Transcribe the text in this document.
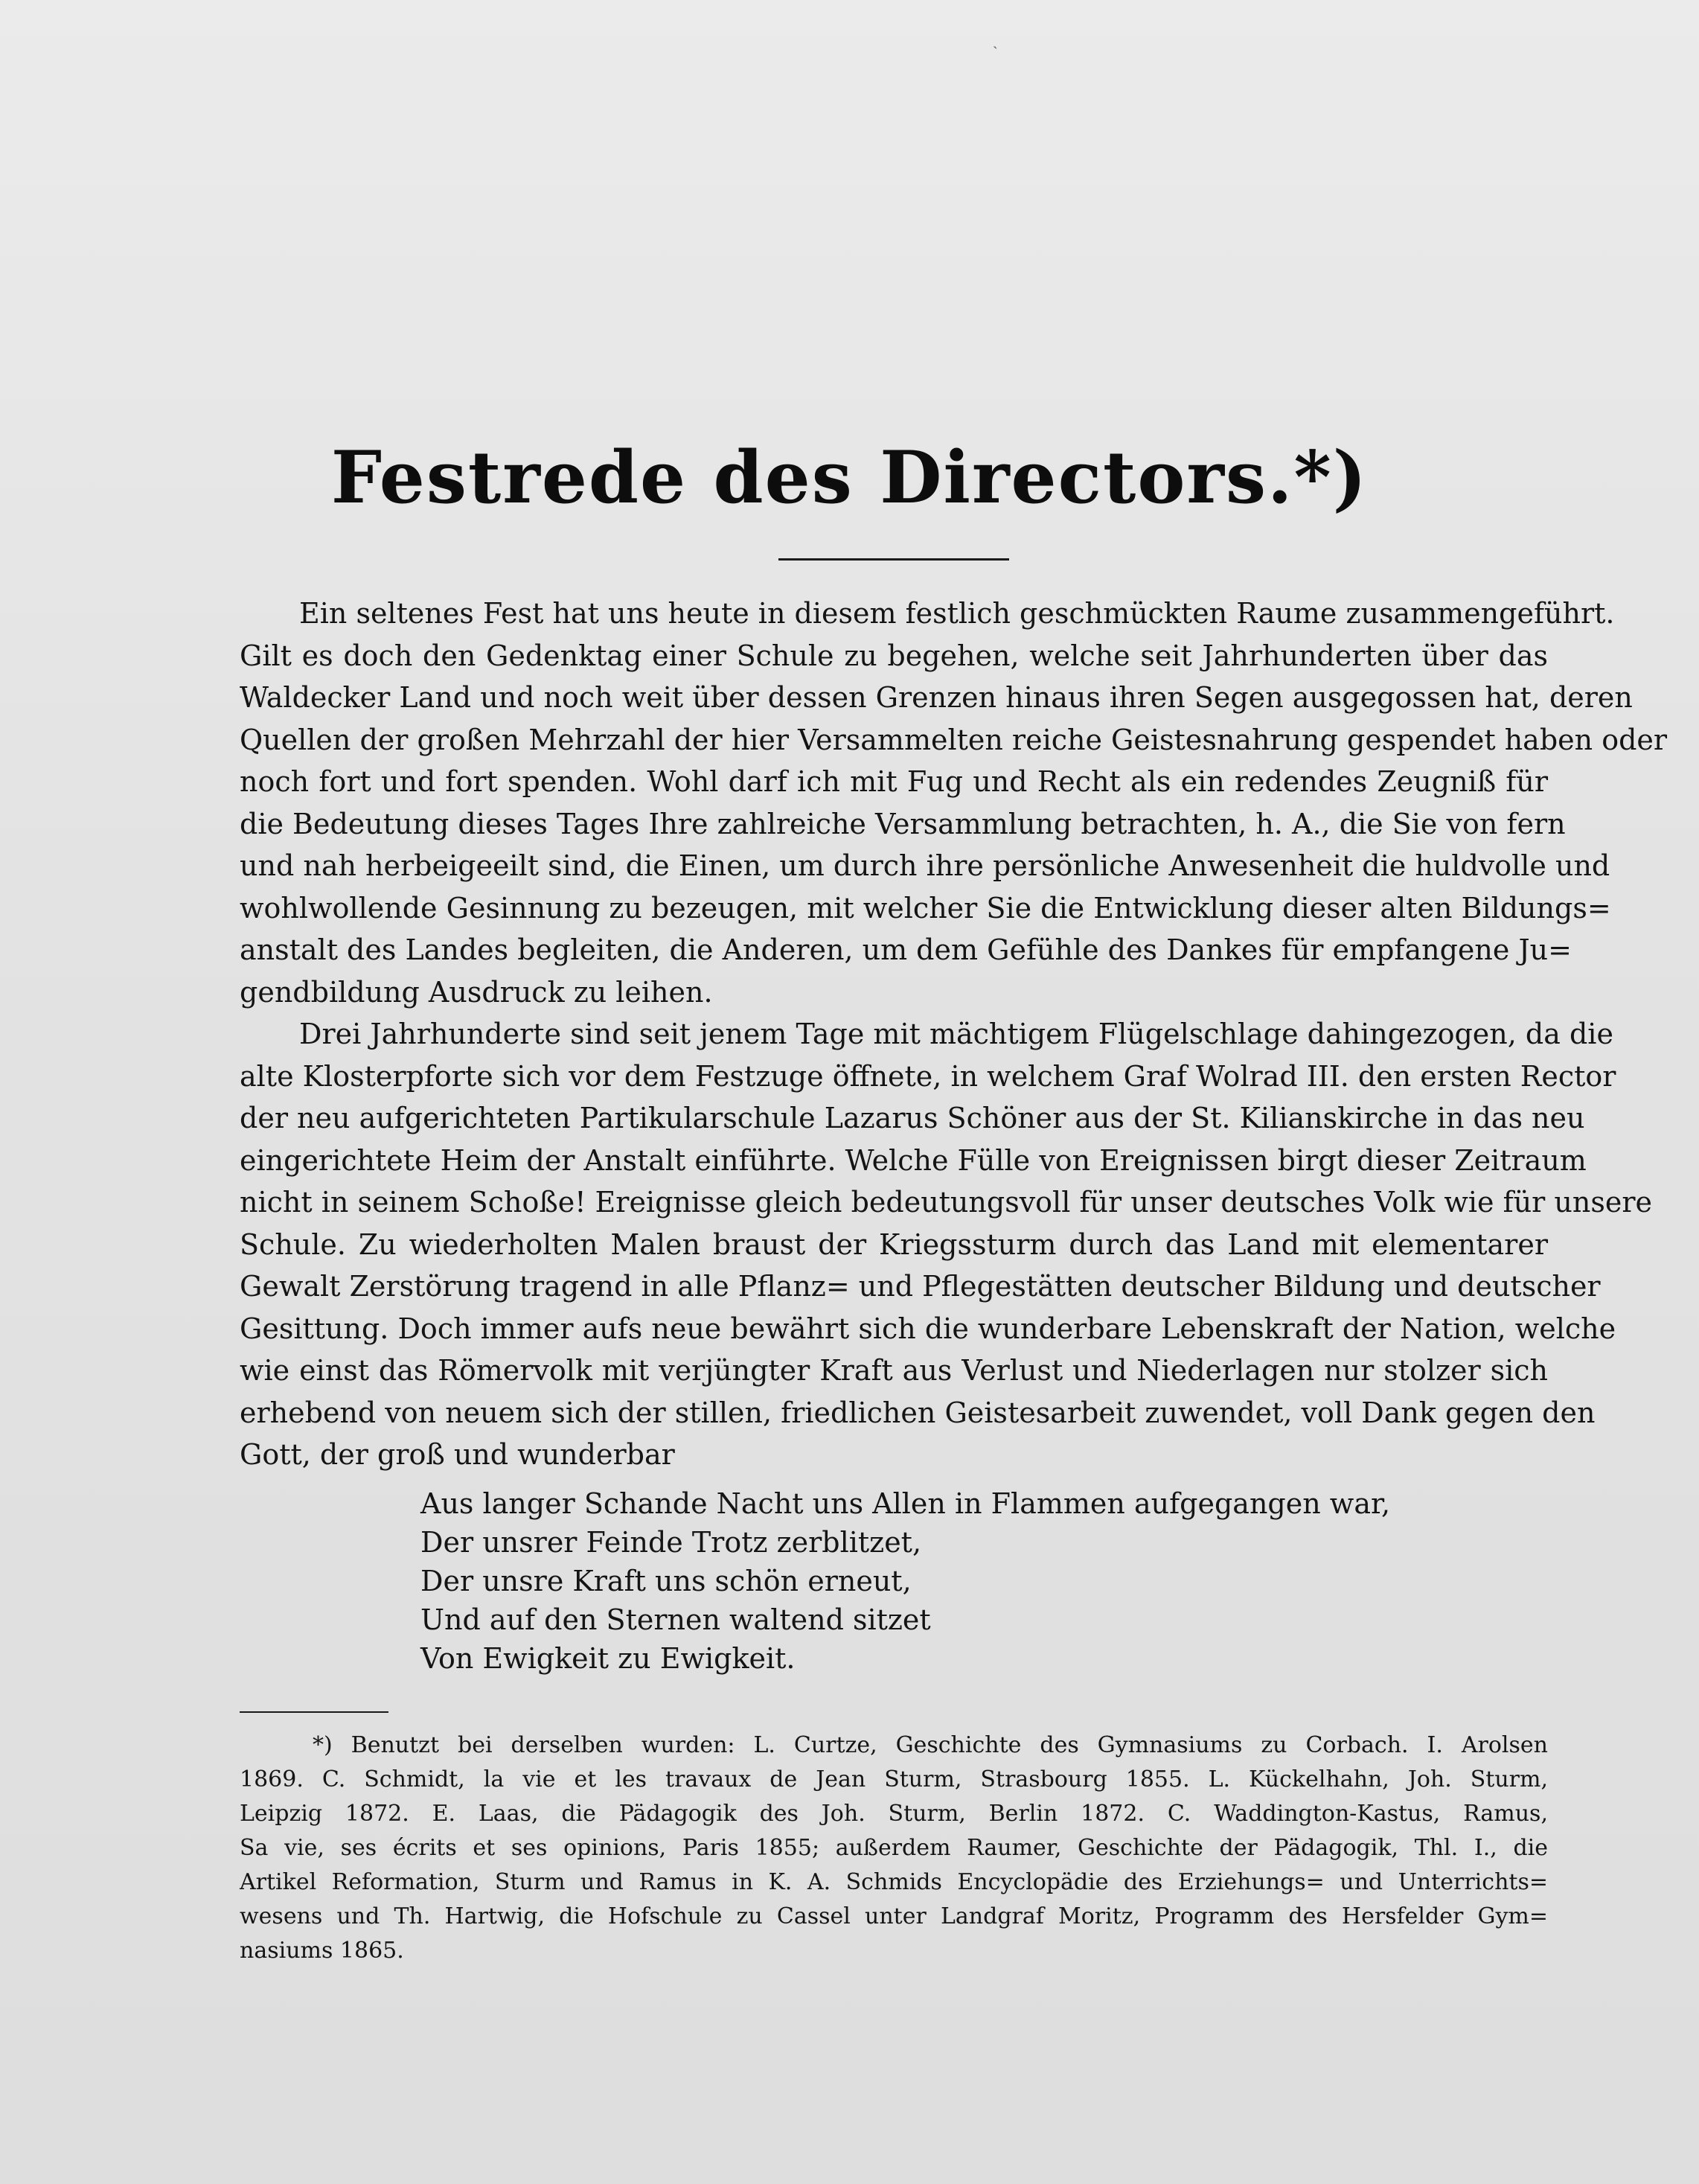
ˎ
Festrede des Directors.*)
Ein seltenes Fest hat uns heute in diesem festlich geschmückten Raume zusammengeführt.
Gilt es doch den Gedenktag einer Schule zu begehen, welche seit Jahrhunderten über das
Waldecker Land und noch weit über dessen Grenzen hinaus ihren Segen ausgegossen hat, deren
Quellen der großen Mehrzahl der hier Versammelten reiche Geistesnahrung gespendet haben oder
noch fort und fort spenden. Wohl darf ich mit Fug und Recht als ein redendes Zeugniß für
die Bedeutung dieses Tages Ihre zahlreiche Versammlung betrachten, h. A., die Sie von fern
und nah herbeigeeilt sind, die Einen, um durch ihre persönliche Anwesenheit die huldvolle und
wohlwollende Gesinnung zu bezeugen, mit welcher Sie die Entwicklung dieser alten Bildungs=
anstalt des Landes begleiten, die Anderen, um dem Gefühle des Dankes für empfangene Ju=
gendbildung Ausdruck zu leihen.
Drei Jahrhunderte sind seit jenem Tage mit mächtigem Flügelschlage dahingezogen, da die
alte Klosterpforte sich vor dem Festzuge öffnete, in welchem Graf Wolrad III. den ersten Rector
der neu aufgerichteten Partikularschule Lazarus Schöner aus der St. Kilianskirche in das neu
eingerichtete Heim der Anstalt einführte. Welche Fülle von Ereignissen birgt dieser Zeitraum
nicht in seinem Schoße! Ereignisse gleich bedeutungsvoll für unser deutsches Volk wie für unsere
Schule. Zu wiederholten Malen braust der Kriegssturm durch das Land mit elementarer
Gewalt Zerstörung tragend in alle Pflanz= und Pflegestätten deutscher Bildung und deutscher
Gesittung. Doch immer aufs neue bewährt sich die wunderbare Lebenskraft der Nation, welche
wie einst das Römervolk mit verjüngter Kraft aus Verlust und Niederlagen nur stolzer sich
erhebend von neuem sich der stillen, friedlichen Geistesarbeit zuwendet, voll Dank gegen den
Gott, der groß und wunderbar
Aus langer Schande Nacht uns Allen in Flammen aufgegangen war,
Der unsrer Feinde Trotz zerblitzet,
Der unsre Kraft uns schön erneut,
Und auf den Sternen waltend sitzet
Von Ewigkeit zu Ewigkeit.
*) Benutzt bei derselben wurden: L. Curtze, Geschichte des Gymnasiums zu Corbach. I. Arolsen
1869. C. Schmidt, la vie et les travaux de Jean Sturm, Strasbourg 1855. L. Kückelhahn, Joh. Sturm,
Leipzig 1872. E. Laas, die Pädagogik des Joh. Sturm, Berlin 1872. C. Waddington-Kastus, Ramus,
Sa vie, ses écrits et ses opinions, Paris 1855; außerdem Raumer, Geschichte der Pädagogik, Thl. I., die
Artikel Reformation, Sturm und Ramus in K. A. Schmids Encyclopädie des Erziehungs= und Unterrichts=
wesens und Th. Hartwig, die Hofschule zu Cassel unter Landgraf Moritz, Programm des Hersfelder Gym=
nasiums 1865.
